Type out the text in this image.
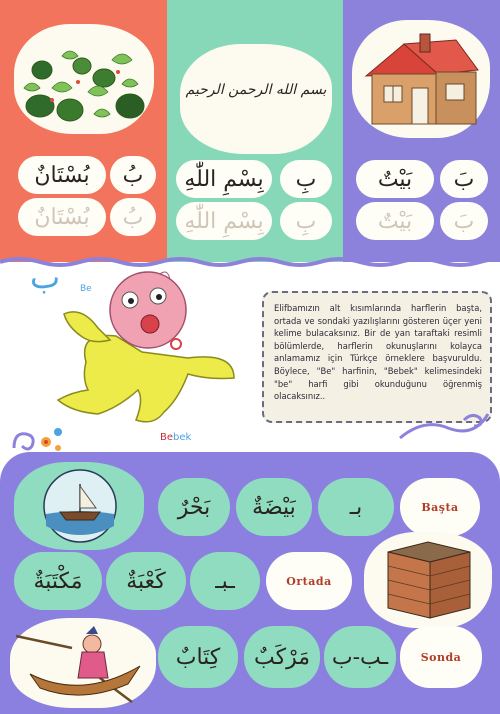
بسم الله الرحمن الرحيم
بُسْتَانٌ بُ
بُسْتَانٌ بُ
بِسْمِ اللّٰهِ بِ
بِسْمِ اللّٰهِ بِ
بَيْتٌ بَ
بَيْتٌ بَ
ب Be
Bebek
Elifbamızın alt kısımlarında harflerin başta, ortada ve sondaki yazılışlarını gösteren üçer yeni kelime bulacaksınız. Bir de yan taraftaki resimli bölümlerde, harflerin okunuşlarını kolayca anlamamız için Türkçe örneklere başvuruldu. Böylece, "Be" harfinin, "Bebek" kelimesindeki "be" harfi gibi okunduğunu öğrenmiş olacaksınız..
بَحْرٌ بَيْضَةٌ بـ	Başta
مَكْتَبَةٌ كَعْبَةٌ ـبـ	Ortada
كِتَابٌ مَرْكَبٌ ـب-ب	Sonda
